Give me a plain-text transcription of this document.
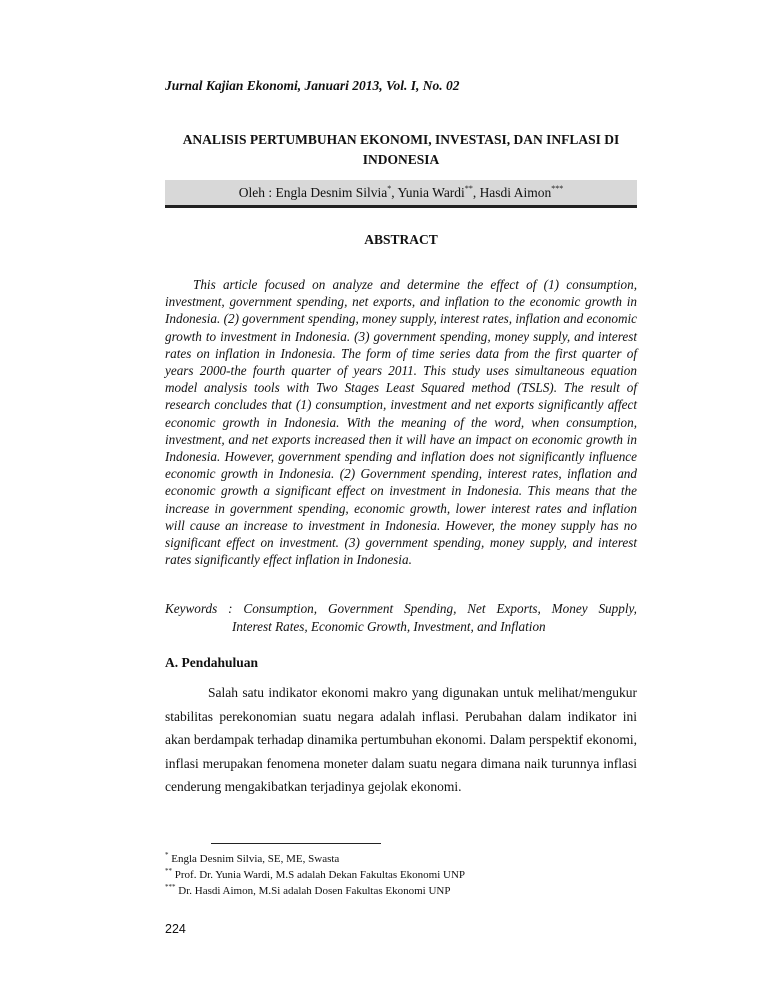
Jurnal Kajian Ekonomi, Januari 2013, Vol. I, No. 02
ANALISIS PERTUMBUHAN EKONOMI, INVESTASI, DAN INFLASI DI INDONESIA
Oleh : Engla Desnim Silvia*, Yunia Wardi**, Hasdi Aimon***
ABSTRACT

This article focused on analyze and determine the effect of (1) consumption, investment, government spending, net exports, and inflation to the economic growth in Indonesia. (2) government spending, money supply, interest rates, inflation and economic growth to investment in Indonesia. (3) government spending, money supply, and interest rates on inflation in Indonesia. The form of time series data from the first quarter of years 2000-the fourth quarter of years 2011. This study uses simultaneous equation model analysis tools with Two Stages Least Squared method (TSLS). The result of research concludes that (1) consumption, investment and net exports significantly affect economic growth in Indonesia. With the meaning of the word, when consumption, investment, and net exports increased then it will have an impact on economic growth in Indonesia. However, government spending and inflation does not significantly influence economic growth in Indonesia. (2) Government spending, interest rates, inflation and economic growth a significant effect on investment in Indonesia. This means that the increase in government spending, economic growth, lower interest rates and inflation will cause an increase to investment in Indonesia. However, the money supply has no significant effect on investment. (3) government spending, money supply, and interest rates significantly effect inflation in Indonesia.

Keywords : Consumption, Government Spending, Net Exports, Money Supply,
Interest Rates, Economic Growth, Investment, and Inflation
A. Pendahuluan

Salah satu indikator ekonomi makro yang digunakan untuk melihat/mengukur stabilitas perekonomian suatu negara adalah inflasi. Perubahan dalam indikator ini akan berdampak terhadap dinamika pertumbuhan ekonomi. Dalam perspektif ekonomi, inflasi merupakan fenomena moneter dalam suatu negara dimana naik turunnya inflasi cenderung mengakibatkan terjadinya gejolak ekonomi.

* Engla Desnim Silvia, SE, ME, Swasta
** Prof. Dr. Yunia Wardi, M.S adalah Dekan Fakultas Ekonomi UNP
*** Dr. Hasdi Aimon, M.Si adalah Dosen Fakultas Ekonomi UNP
224
